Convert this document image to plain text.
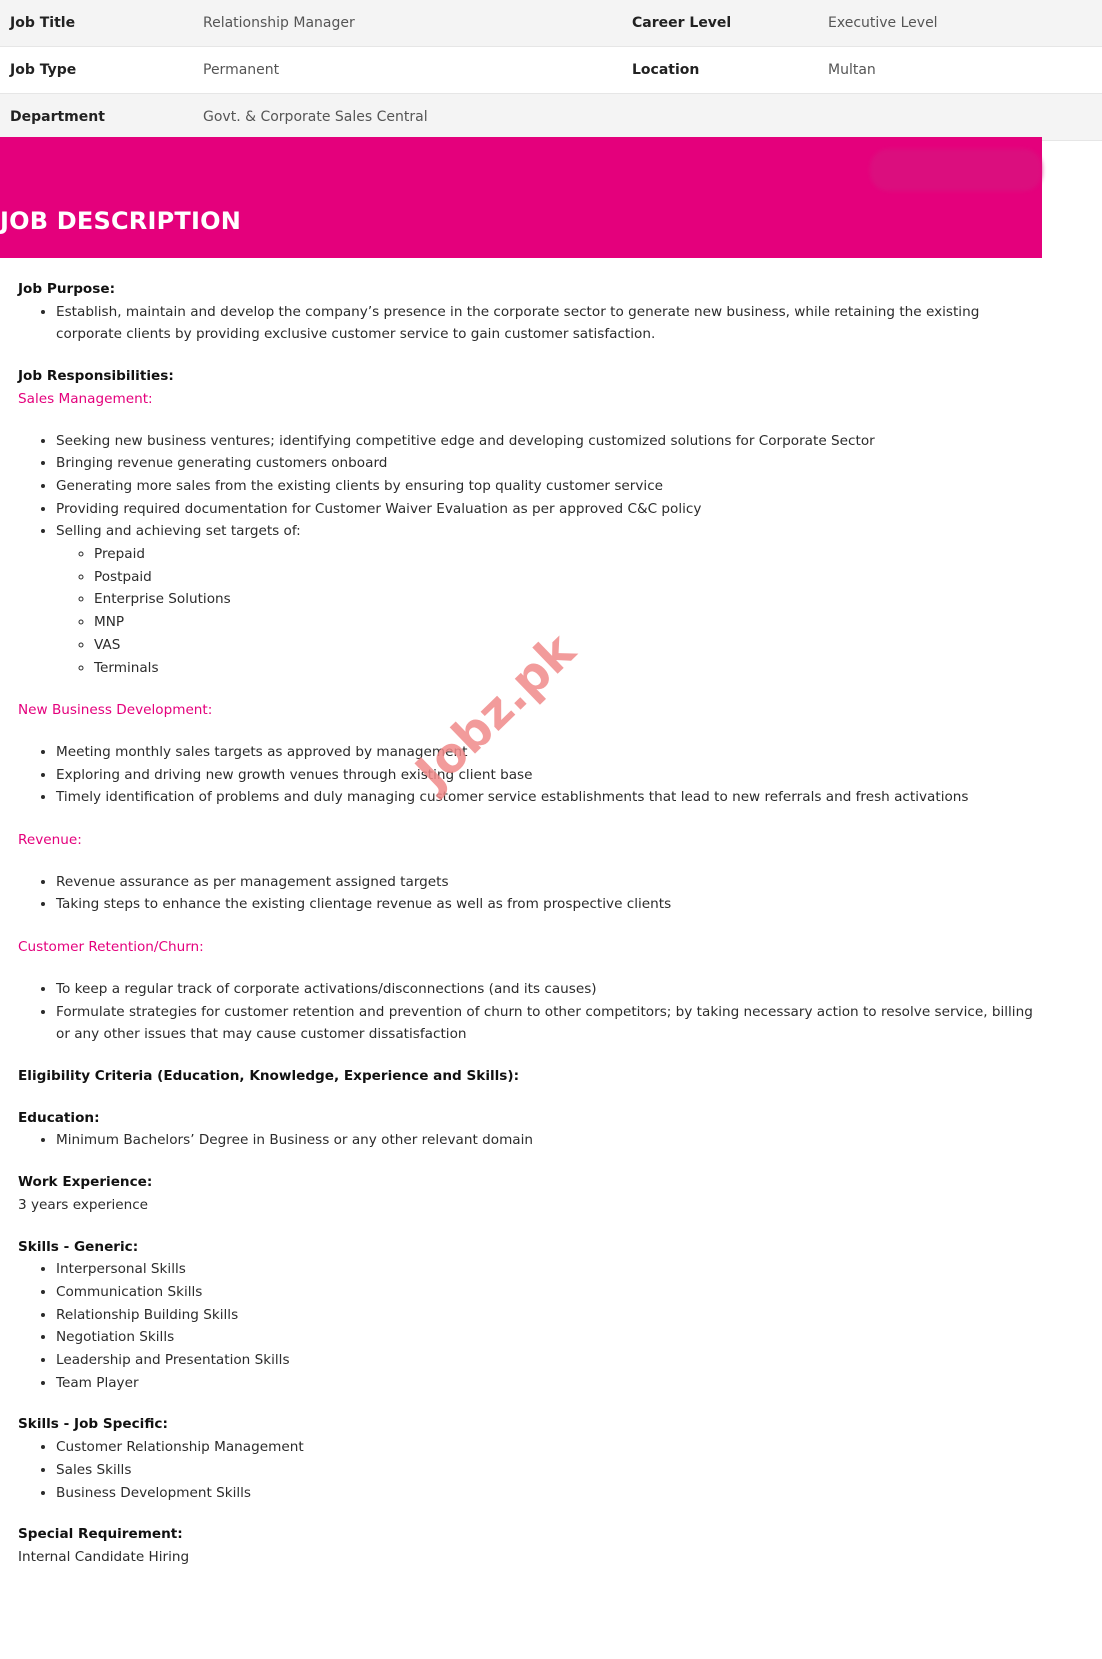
Job Title	Relationship Manager	Career Level	Executive Level
Job Type	Permanent	Location	Multan
Department	Govt. & Corporate Sales Central
JOB DESCRIPTION

Job Purpose:

• Establish, maintain and develop the company’s presence in the corporate sector to generate new business, while retaining the existing corporate clients by providing exclusive customer service to gain customer satisfaction.

Job Responsibilities:

Sales Management:

• Seeking new business ventures; identifying competitive edge and developing customized solutions for Corporate Sector
• Bringing revenue generating customers onboard
• Generating more sales from the existing clients by ensuring top quality customer service
• Providing required documentation for Customer Waiver Evaluation as per approved C&C policy
• Selling and achieving set targets of:
◦ Prepaid
◦ Postpaid
◦ Enterprise Solutions
◦ MNP
◦ VAS
◦ Terminals

New Business Development:

• Meeting monthly sales targets as approved by management
• Exploring and driving new growth venues through existing client base
• Timely identification of problems and duly managing customer service establishments that lead to new referrals and fresh activations

Revenue:

• Revenue assurance as per management assigned targets
• Taking steps to enhance the existing clientage revenue as well as from prospective clients

Customer Retention/Churn:

• To keep a regular track of corporate activations/disconnections (and its causes)
• Formulate strategies for customer retention and prevention of churn to other competitors; by taking necessary action to resolve service, billing or any other issues that may cause customer dissatisfaction

Eligibility Criteria (Education, Knowledge, Experience and Skills):

Education:

• Minimum Bachelors’ Degree in Business or any other relevant domain

Work Experience:

3 years experience

Skills - Generic:

• Interpersonal Skills
• Communication Skills
• Relationship Building Skills
• Negotiation Skills
• Leadership and Presentation Skills
• Team Player

Skills - Job Specific:

• Customer Relationship Management
• Sales Skills
• Business Development Skills

Special Requirement:

Internal Candidate Hiring

Jobz.pk
